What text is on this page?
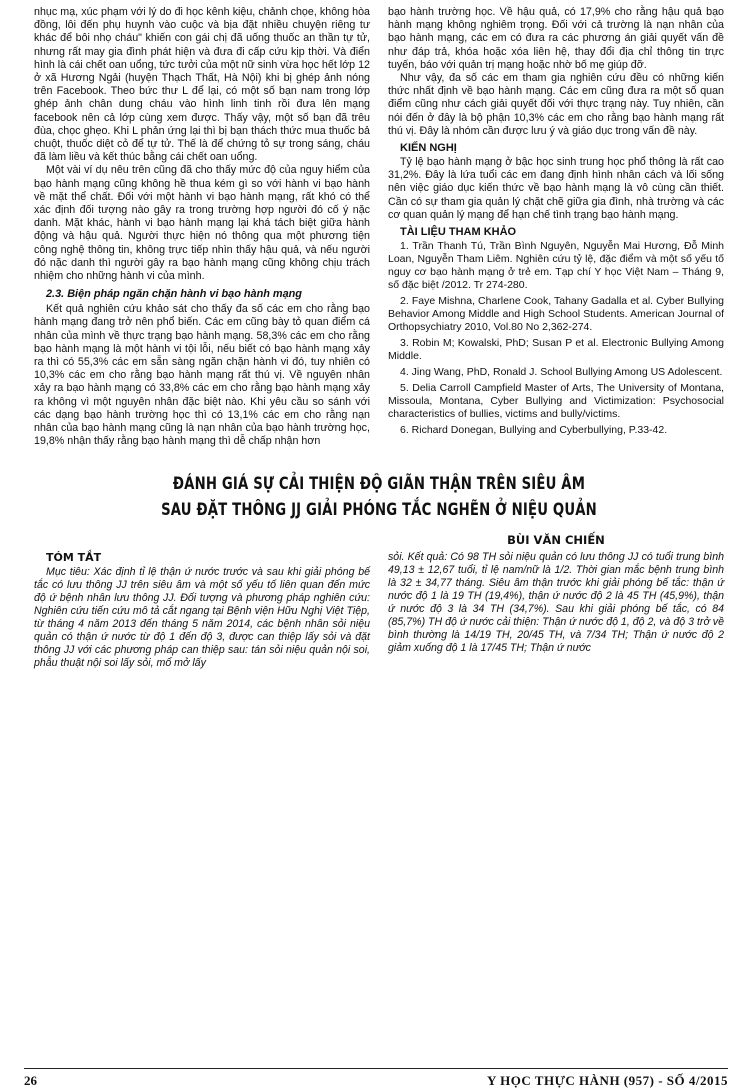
nhục mạ, xúc phạm với lý do đi học kênh kiệu, chảnh chọe, không hòa đồng, lôi đến phụ huynh vào cuộc và bịa đặt nhiều chuyện riêng tư khác để bôi nhọ cháu" khiến con gái chị đã uống thuốc an thần tự tử, nhưng rất may gia đình phát hiện và đưa đi cấp cứu kịp thời. Và điển hình là cái chết oan uổng, tức tưởi của một nữ sinh vừa học hết lớp 12 ở xã Hương Ngải (huyện Thạch Thất, Hà Nội) khi bị ghép ảnh nóng trên Facebook. Theo bức thư L để lại, có một số bạn nam trong lớp ghép ảnh chân dung cháu vào hình linh tinh rồi đưa lên mạng facebook nên cả lớp cùng xem được. Thấy vậy, một số bạn đã trêu đùa, chọc ghẹo. Khi L phản ứng lại thì bị bạn thách thức mua thuốc bả chuột, thuốc diệt cỏ để tự tử. Thế là để chứng tỏ sự trong sáng, cháu đã làm liều và kết thúc bằng cái chết oan uổng.

Một vài ví dụ nêu trên cũng đã cho thấy mức độ của nguy hiểm của bạo hành mạng cũng không hề thua kém gì so với hành vi bạo hành về mặt thể chất. Đối với một hành vi bạo hành mạng, rất khó có thể xác định đối tượng nào gây ra trong trường hợp người đó cố ý nặc danh. Mặt khác, hành vi bạo hành mạng lại khá tách biệt giữa hành động và hậu quả. Người thực hiện nó thông qua một phương tiện công nghệ thông tin, không trực tiếp nhìn thấy hậu quả, và nếu người đó nặc danh thì người gây ra bạo hành mạng cũng không chịu trách nhiệm cho những hành vi của mình.

2.3. Biện pháp ngăn chặn hành vi bạo hành mạng

Kết quả nghiên cứu khảo sát cho thấy đa số các em cho rằng bạo hành mạng đang trở nên phổ biến. Các em cũng bày tỏ quan điểm cá nhân của mình về thực trạng bạo hành mạng. 58,3% các em cho rằng bạo hành mạng là một hành vi tội lỗi, nếu biết có bạo hành mạng xảy ra thì có 55,3% các em sẵn sàng ngăn chặn hành vi đó, tuy nhiên có 10,3% các em cho rằng bạo hành mạng rất thú vị. Về nguyên nhân xảy ra bạo hành mạng có 33,8% các em cho rằng bạo hành mạng xảy ra không vì một nguyên nhân đặc biệt nào. Khi yêu cầu so sánh với các dạng bạo hành trường học thì có 13,1% các em cho rằng nạn nhân của bạo hành mạng cũng là nạn nhân của bạo hành trường học, 19,8% nhận thấy rằng bạo hành mạng thì dễ chấp nhận hơn

bạo hành trường học. Về hậu quả, có 17,9% cho rằng hậu quả bạo hành mạng không nghiêm trọng. Đối với cả trường là nạn nhân của bạo hành mạng, các em có đưa ra các phương án giải quyết vấn đề như đáp trả, khóa hoặc xóa liên hệ, thay đổi địa chỉ thông tin trực tuyến, báo với quản trị mạng hoặc nhờ bố mẹ giúp đỡ.

Như vậy, đa số các em tham gia nghiên cứu đều có những kiến thức nhất định về bạo hành mạng. Các em cũng đưa ra một số quan điểm cũng như cách giải quyết đối với thực trạng này. Tuy nhiên, cần nói đến ở đây là bộ phận 10,3% các em cho rằng bạo hành mạng rất thú vị. Đây là nhóm cần được lưu ý và giáo dục trong vấn đề này.

KIẾN NGHỊ

Tỷ lệ bạo hành mạng ở bậc học sinh trung học phổ thông là rất cao 31,2%. Đây là lứa tuổi các em đang định hình nhân cách và lối sống nên việc giáo dục kiến thức về bạo hành mạng là vô cùng cần thiết. Cần có sự tham gia quản lý chặt chẽ giữa gia đình, nhà trường và các cơ quan quản lý mạng để hạn chế tình trạng bạo hành mạng.

TÀI LIỆU THAM KHẢO
1. Trần Thanh Tú, Trần Bình Nguyên, Nguyễn Mai Hương, Đỗ Minh Loan, Nguyễn Tham Liêm. Nghiên cứu tỷ lệ, đặc điểm và một số yếu tố nguy cơ bạo hành mạng ở trẻ em. Tạp chí Y học Việt Nam – Tháng 9, số đặc biệt /2012. Tr 274-280.
2. Faye Mishna, Charlene Cook, Tahany Gadalla et al. Cyber Bullying Behavior Among Middle and High School Students. American Journal of Orthopsychiatry 2010, Vol.80 No 2,362-274.
3. Robin M; Kowalski, PhD; Susan P et al. Electronic Bullying Among Middle.
4. Jing Wang, PhD, Ronald J. School Bullying Among US Adolescent.
5. Delia Carroll Campfield Master of Arts, The University of Montana, Missoula, Montana, Cyber Bullying and Victimization: Psychosocial characteristics of bullies, victims and bully/victims.
6. Richard Donegan, Bullying and Cyberbullying, P.33-42.
ĐÁNH GIÁ SỰ CẢI THIỆN ĐỘ GIÃN THẬN TRÊN SIÊU ÂM
SAU ĐẶT THÔNG JJ GIẢI PHÓNG TẮC NGHẼN Ở NIỆU QUẢN
BÙI VĂN CHIẾN
TÓM TẮT

Mục tiêu: Xác định tỉ lệ thận ứ nước trước và sau khi giải phóng bế tắc có lưu thông JJ trên siêu âm và một số yếu tố liên quan đến mức độ ứ bệnh nhân lưu thông JJ. Đối tượng và phương pháp nghiên cứu: Nghiên cứu tiến cứu mô tả cắt ngang tại Bệnh viện Hữu Nghị Việt Tiệp, từ tháng 4 năm 2013 đến tháng 5 năm 2014, các bệnh nhân sỏi niệu quản có thận ứ nước từ độ 1 đến độ 3, được can thiệp lấy sỏi và đặt thông JJ với các phương pháp can thiệp sau: tán sỏi niệu quản nội soi, phẫu thuật nội soi lấy sỏi, mổ mở lấy

sỏi. Kết quả: Có 98 TH sỏi niệu quản có lưu thông JJ có tuổi trung bình 49,13 ± 12,67 tuổi, tỉ lệ nam/nữ là 1/2. Thời gian mắc bệnh trung bình là 32 ± 34,77 tháng. Siêu âm thận trước khi giải phóng bế tắc: thận ứ nước độ 1 là 19 TH (19,4%), thận ứ nước độ 2 là 45 TH (45,9%), thận ứ nước độ 3 là 34 TH (34,7%). Sau khi giải phóng bế tắc, có 84 (85,7%) TH độ ứ nước cải thiện: Thận ứ nước độ 1, độ 2, và độ 3 trở về bình thường là 14/19 TH, 20/45 TH, và 7/34 TH; Thận ứ nước độ 2 giảm xuống độ 1 là 17/45 TH; Thận ứ nước

26	Y HỌC THỰC HÀNH (957) - SỐ 4/2015
